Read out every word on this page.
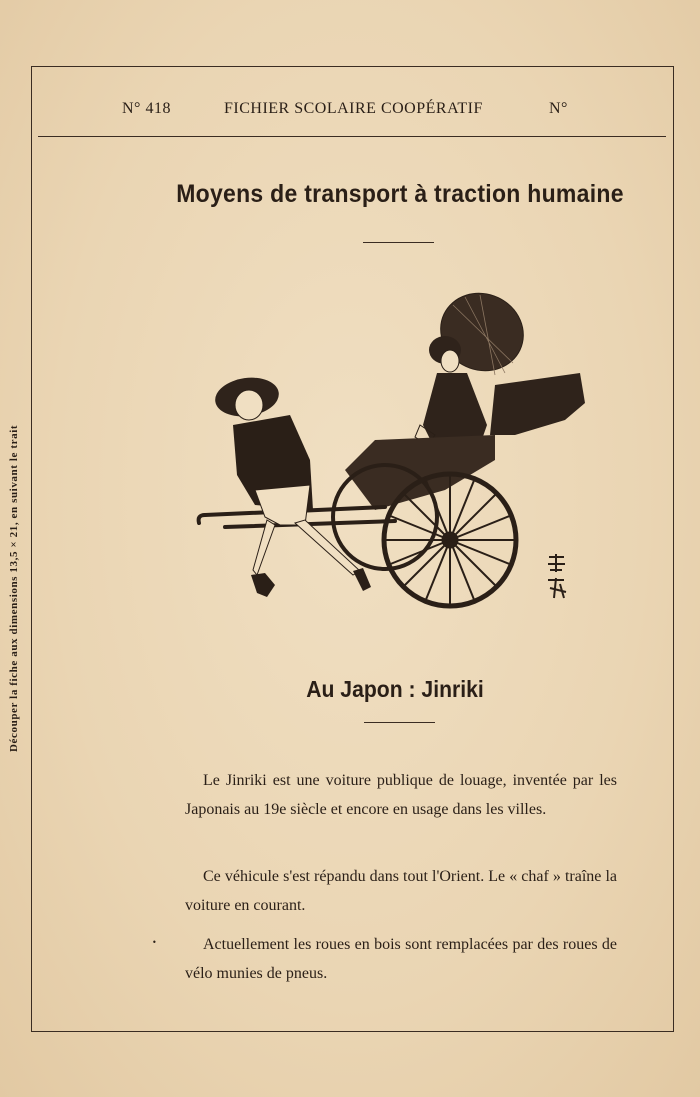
N° 418	FICHIER SCOLAIRE COOPÉRATIF	N°
Découper la fiche aux dimensions 13,5 × 21, en suivant le trait
Moyens de transport à traction humaine
Au Japon : Jinriki
Le Jinriki est une voiture publique de louage, inventée par les Japonais au 19e siècle et encore en usage dans les villes.
Ce véhicule s'est répandu dans tout l'Orient. Le « chaf » traîne la voiture en courant.
•	Actuellement les roues en bois sont remplacées par des roues de vélo munies de pneus.
